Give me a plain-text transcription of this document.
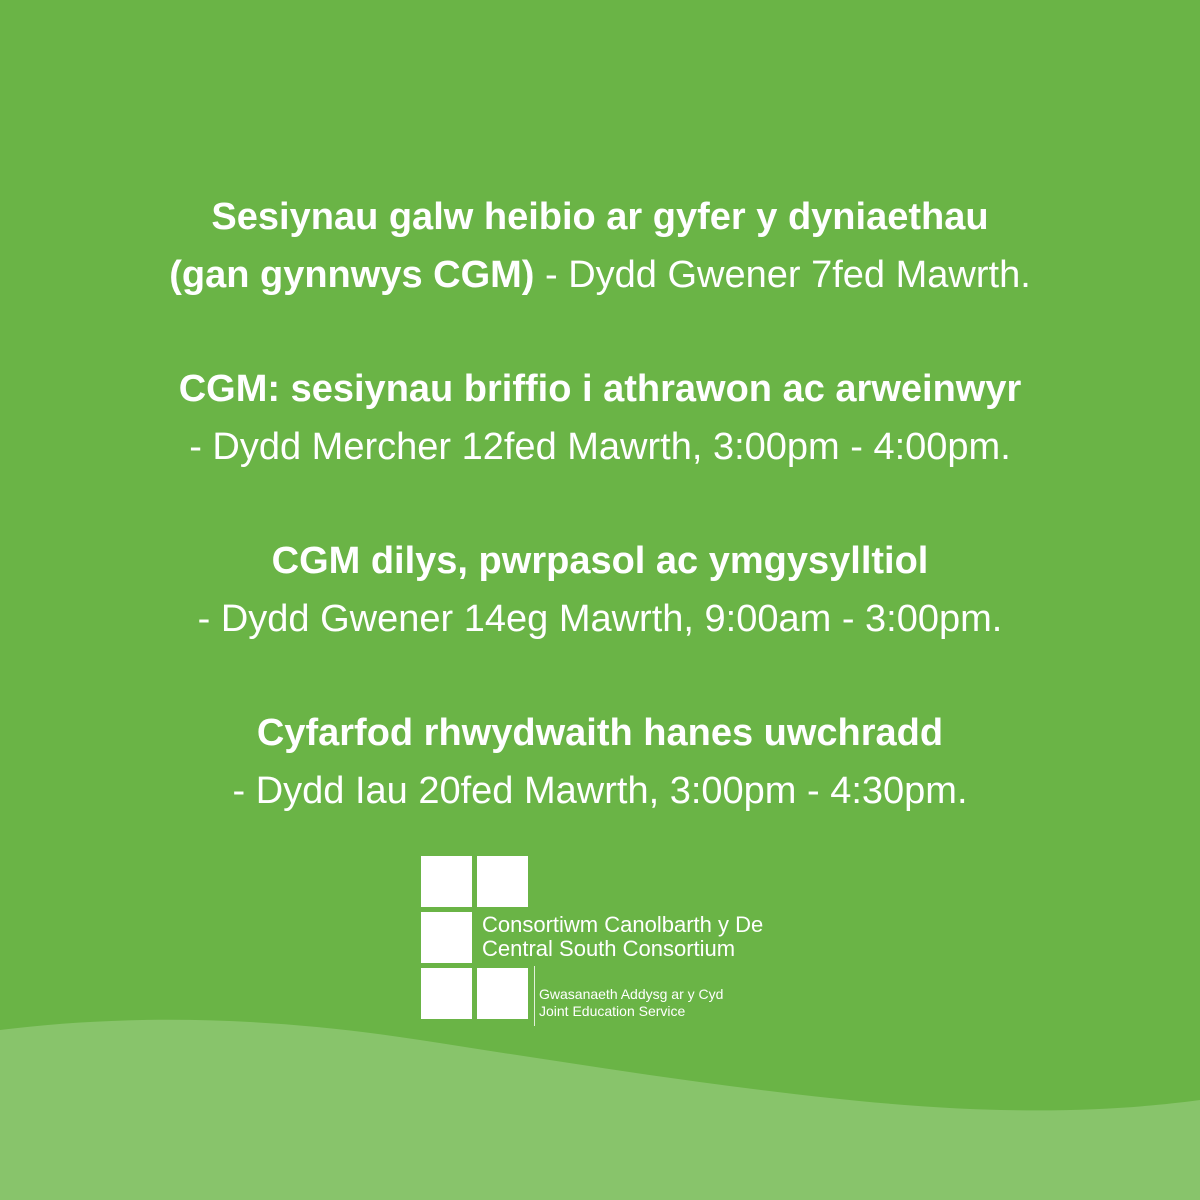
Sesiynau galw heibio ar gyfer y dyniaethau
(gan gynnwys CGM) - Dydd Gwener 7fed Mawrth.
CGM: sesiynau briffio i athrawon ac arweinwyr
- Dydd Mercher 12fed Mawrth, 3:00pm - 4:00pm.
CGM dilys, pwrpasol ac ymgysylltiol
- Dydd Gwener 14eg Mawrth, 9:00am - 3:00pm.
Cyfarfod rhwydwaith hanes uwchradd
- Dydd Iau 20fed Mawrth, 3:00pm - 4:30pm.
Consortiwm Canolbarth y De
Central South Consortium
Gwasanaeth Addysg ar y Cyd
Joint Education Service
